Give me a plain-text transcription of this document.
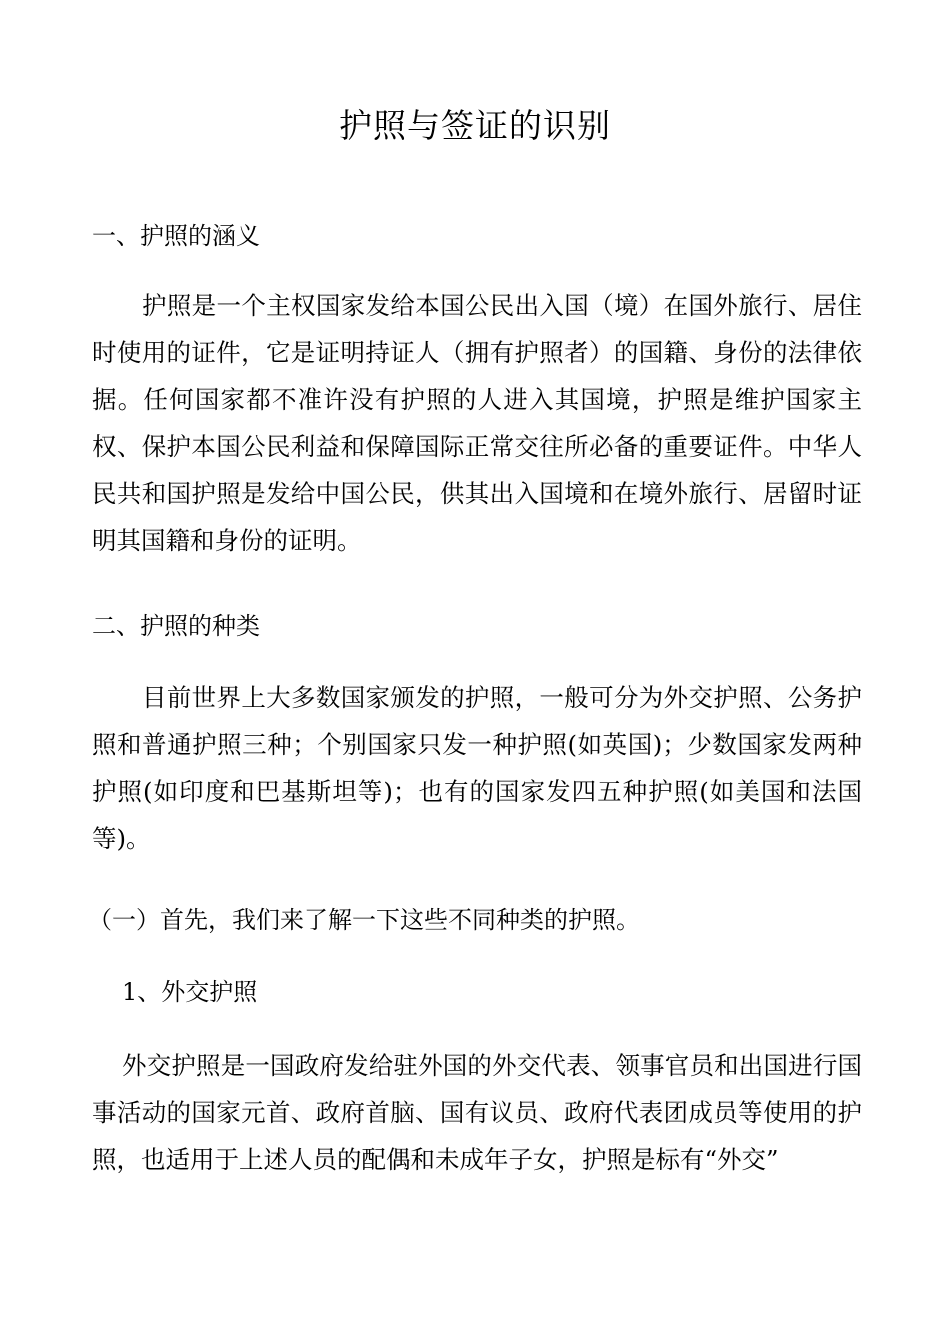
护照与签证的识别
一、护照的涵义
护照是一个主权国家发给本国公民出入国（境）在国外旅行、居住时使用的证件，它是证明持证人（拥有护照者）的国籍、身份的法律依据。任何国家都不准许没有护照的人进入其国境，护照是维护国家主权、保护本国公民利益和保障国际正常交往所必备的重要证件。中华人民共和国护照是发给中国公民，供其出入国境和在境外旅行、居留时证明其国籍和身份的证明。
二、护照的种类
目前世界上大多数国家颁发的护照，一般可分为外交护照、公务护照和普通护照三种；个别国家只发一种护照(如英国)；少数国家发两种护照(如印度和巴基斯坦等)；也有的国家发四五种护照(如美国和法国等)。
（一）首先，我们来了解一下这些不同种类的护照。
1、外交护照
外交护照是一国政府发给驻外国的外交代表、领事官员和出国进行国事活动的国家元首、政府首脑、国有议员、政府代表团成员等使用的护照，也适用于上述人员的配偶和未成年子女，护照是标有“外交”
